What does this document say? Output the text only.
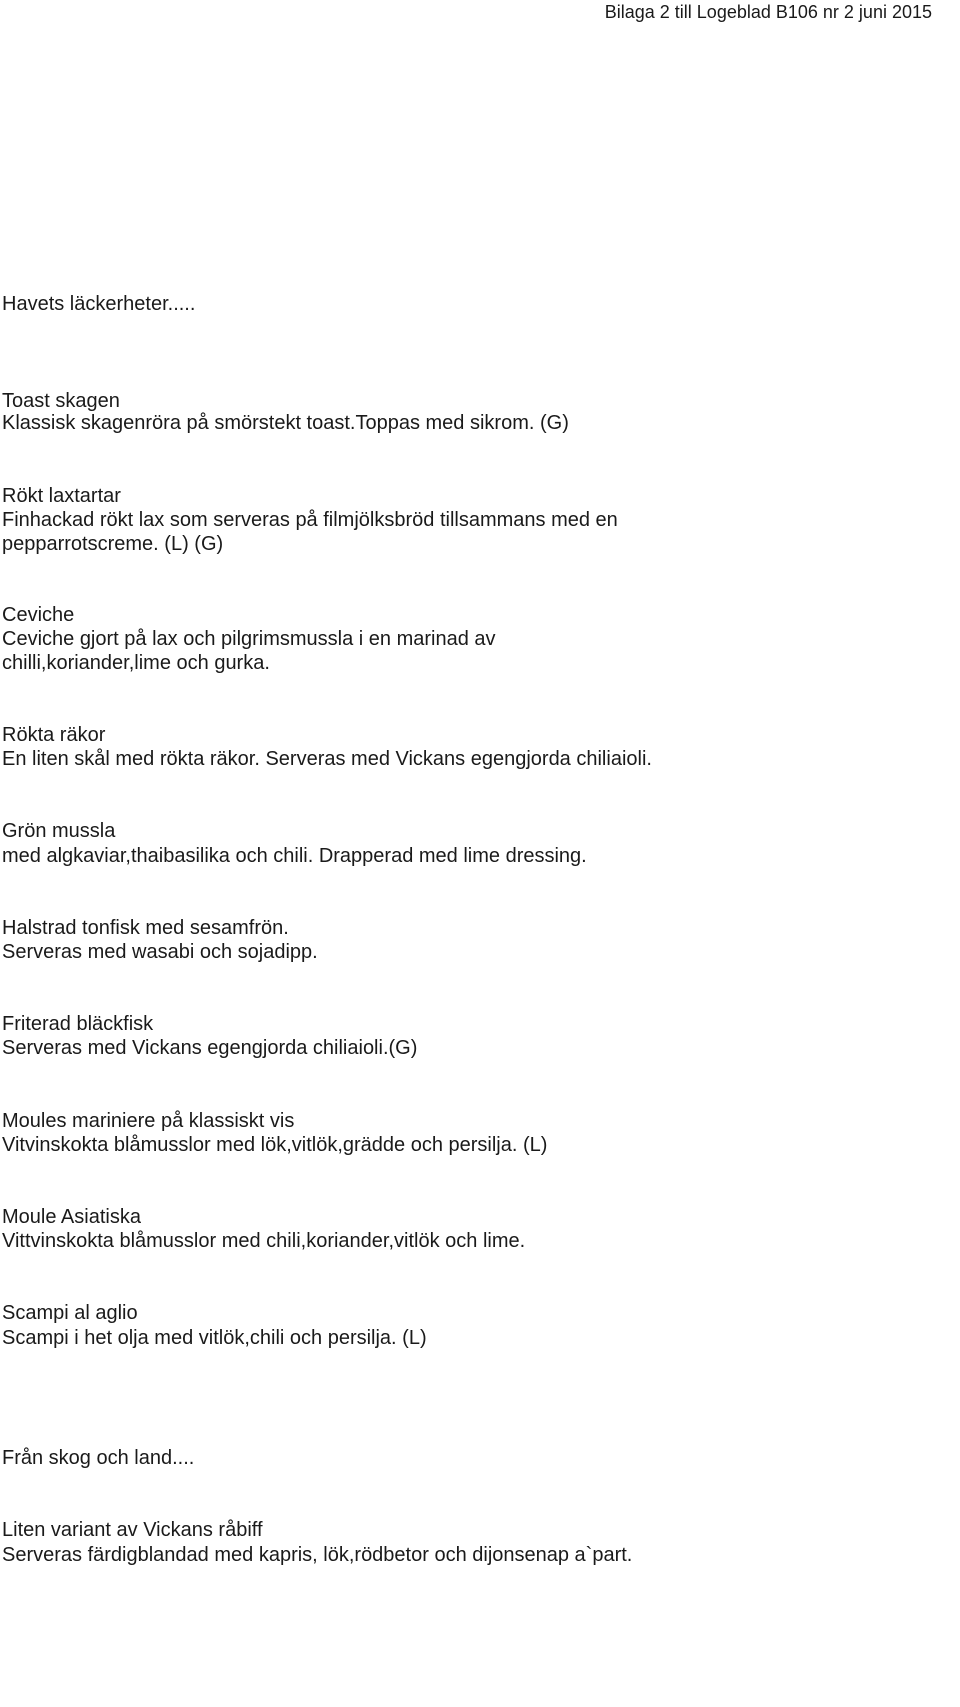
Bilaga 2 till Logeblad B106 nr 2 juni 2015
Havets läckerheter.....
Toast skagen
Klassisk skagenröra på smörstekt toast.Toppas med sikrom. (G)
Rökt laxtartar
Finhackad rökt lax som serveras på filmjölksbröd tillsammans med en
pepparrotscreme. (L) (G)
Ceviche
Ceviche gjort på lax och pilgrimsmussla i en marinad av
chilli,koriander,lime och gurka.
Rökta räkor
En liten skål med rökta räkor. Serveras med Vickans egengjorda chiliaioli.
Grön mussla
med algkaviar,thaibasilika och chili. Drapperad med lime dressing.
Halstrad tonfisk med sesamfrön.
Serveras med wasabi och sojadipp.
Friterad bläckfisk
Serveras med Vickans egengjorda chiliaioli.(G)
Moules mariniere på klassiskt vis
Vitvinskokta blåmusslor med lök,vitlök,grädde och persilja. (L)
Moule Asiatiska
Vittvinskokta blåmusslor med chili,koriander,vitlök och lime.
Scampi al aglio
Scampi i het olja med vitlök,chili och persilja. (L)
Från skog och land....
Liten variant av Vickans råbiff
Serveras färdigblandad med kapris, lök,rödbetor och dijonsenap a`part.
